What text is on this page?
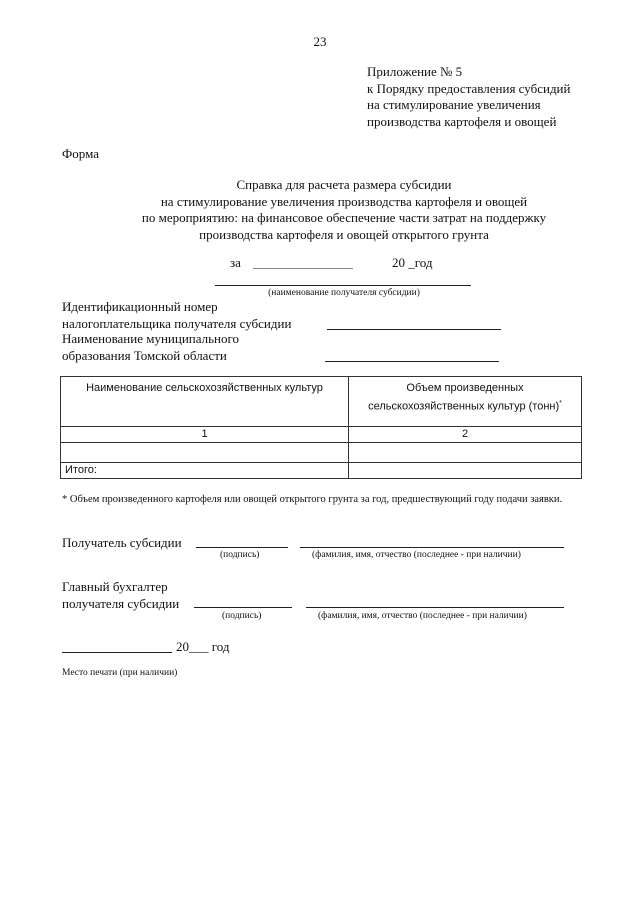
23
Приложение № 5
к Порядку предоставления субсидий
на стимулирование увеличения
производства картофеля и овощей
Форма
Справка для расчета размера субсидии
на стимулирование увеличения производства картофеля и овощей
по мероприятию: на финансовое обеспечение части затрат на поддержку
производства картофеля и овощей открытого грунта
за	20 _год
(наименование получателя субсидии)
Идентификационный номер
налогоплательщика получателя субсидии
Наименование муниципального
образования Томской области
Наименование сельскохозяйственных культур	Объем произведенных
сельскохозяйственных культур (тонн)*

1	2

Итого:	
* Объем произведенного картофеля или овощей открытого грунта за год, предшествующий году подачи заявки.
Получатель субсидии
(подпись)	(фамилия, имя, отчество (последнее - при наличии)
Главный бухгалтер
получателя субсидии
(подпись)	(фамилия, имя, отчество (последнее - при наличии)
20___ год
Место печати (при наличии)
